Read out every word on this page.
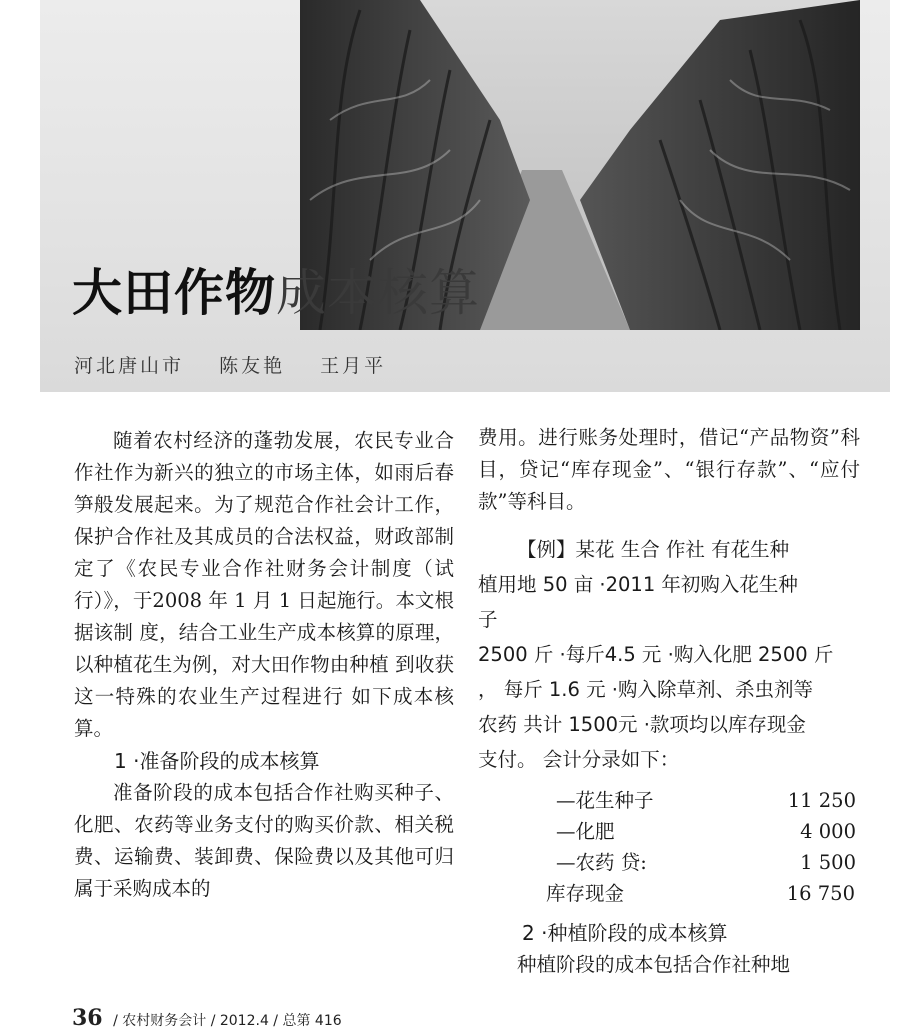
大田作物成本核算
河北唐山市 陈友艳 王月平

随着农村经济的蓬勃发展，农民专业合作社作为新兴的独立的市场主体，如雨后春笋般发展起来。为了规范合作社会计工作，保护合作社及其成员的合法权益，财政部制定了《农民专业合作社财务会计制度（试行）》，于2008 年 1 月 1 日起施行。本文根据该制 度，结合工业生产成本核算的原理， 以种植花生为例，对大田作物由种植 到收获这一特殊的农业生产过程进行 如下成本核算。

1 ·准备阶段的成本核算

准备阶段的成本包括合作社购买种子、化肥、农药等业务支付的购买价款、相关税费、运输费、装卸费、保险费以及其他可归属于采购成本的

费用。进行账务处理时，借记“产品物资”科目，贷记“库存现金”、“银行存款”、“应付款”等科目。

【例】某花 生合 作社 有花生种
植用地 50 亩 ·2011 年初购入花生种
子
2500 斤 ·每斤4.5 元 ·购入化肥 2500 斤
， 每斤 1.6 元 ·购入除草剂、杀虫剂等
农药 共计 1500元 ·款项均以库存现金
支付。 会计分录如下：

—花生种子	11 250
—化肥	4 000
—农药 贷:	1 500
库存现金	16 750

2 ·种植阶段的成本核算

种植阶段的成本包括合作社种地

36 / 农村财务会计 / 2012.4 / 总第 416
